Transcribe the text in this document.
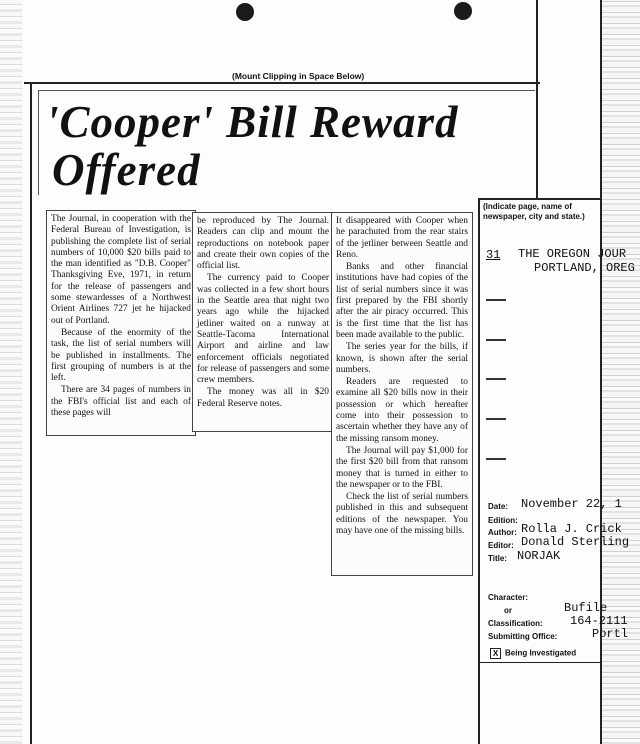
(Mount Clipping in Space Below)
'Cooper' Bill Reward
Offered

The Journal, in cooperation with the Federal Bureau of Investigation, is publishing the complete list of serial numbers of 10,000 $20 bills paid to the man identified as "D.B. Cooper" Thanksgiving Eve, 1971, in return for the release of passengers and some stewardesses of a Northwest Orient Airlines 727 jet he hijacked out of Portland.

Because of the enormity of the task, the list of serial numbers will be published in installments. The first grouping of numbers is at the left.

There are 34 pages of numbers in the FBI's official list and each of these pages will

be reproduced by The Journal. Readers can clip and mount the reproductions on notebook paper and create their own copies of the official list.

The currency paid to Cooper was collected in a few short hours in the Seattle area that night two years ago while the hijacked jetliner waited on a runway at Seattle-Tacoma International Airport and airline and law enforcement officials negotiated for release of passengers and some crew members.

The money was all in $20 Federal Reserve notes.

It disappeared with Cooper when he parachuted from the rear stairs of the jetliner between Seattle and Reno.

Banks and other financial institutions have had copies of the list of serial numbers since it was first prepared by the FBI shortly after the air piracy occurred. This is the first time that the list has been made available to the public.

The series year for the bills, if known, is shown after the serial numbers.

Readers are requested to examine all $20 bills now in their possession or which hereafter come into their possession to ascertain whether they have any of the missing ransom money.

The Journal will pay $1,000 for the first $20 bill from that ransom money that is turned in either to the newspaper or to the FBI.

Check the list of serial numbers published in this and subsequent editions of the newspaper. You may have one of the missing bills.

(Indicate page, name of newspaper, city and state.)
31 THE OREGON JOUR
PORTLAND, OREG
Date: November 22, 1
Edition:
Author: Rolla J. Crick
Editor: Donald Sterling
Title: NORJAK
Character:
or	Bufile
Classification: 164-2111
Submitting Office:	Portl
X Being Investigated
